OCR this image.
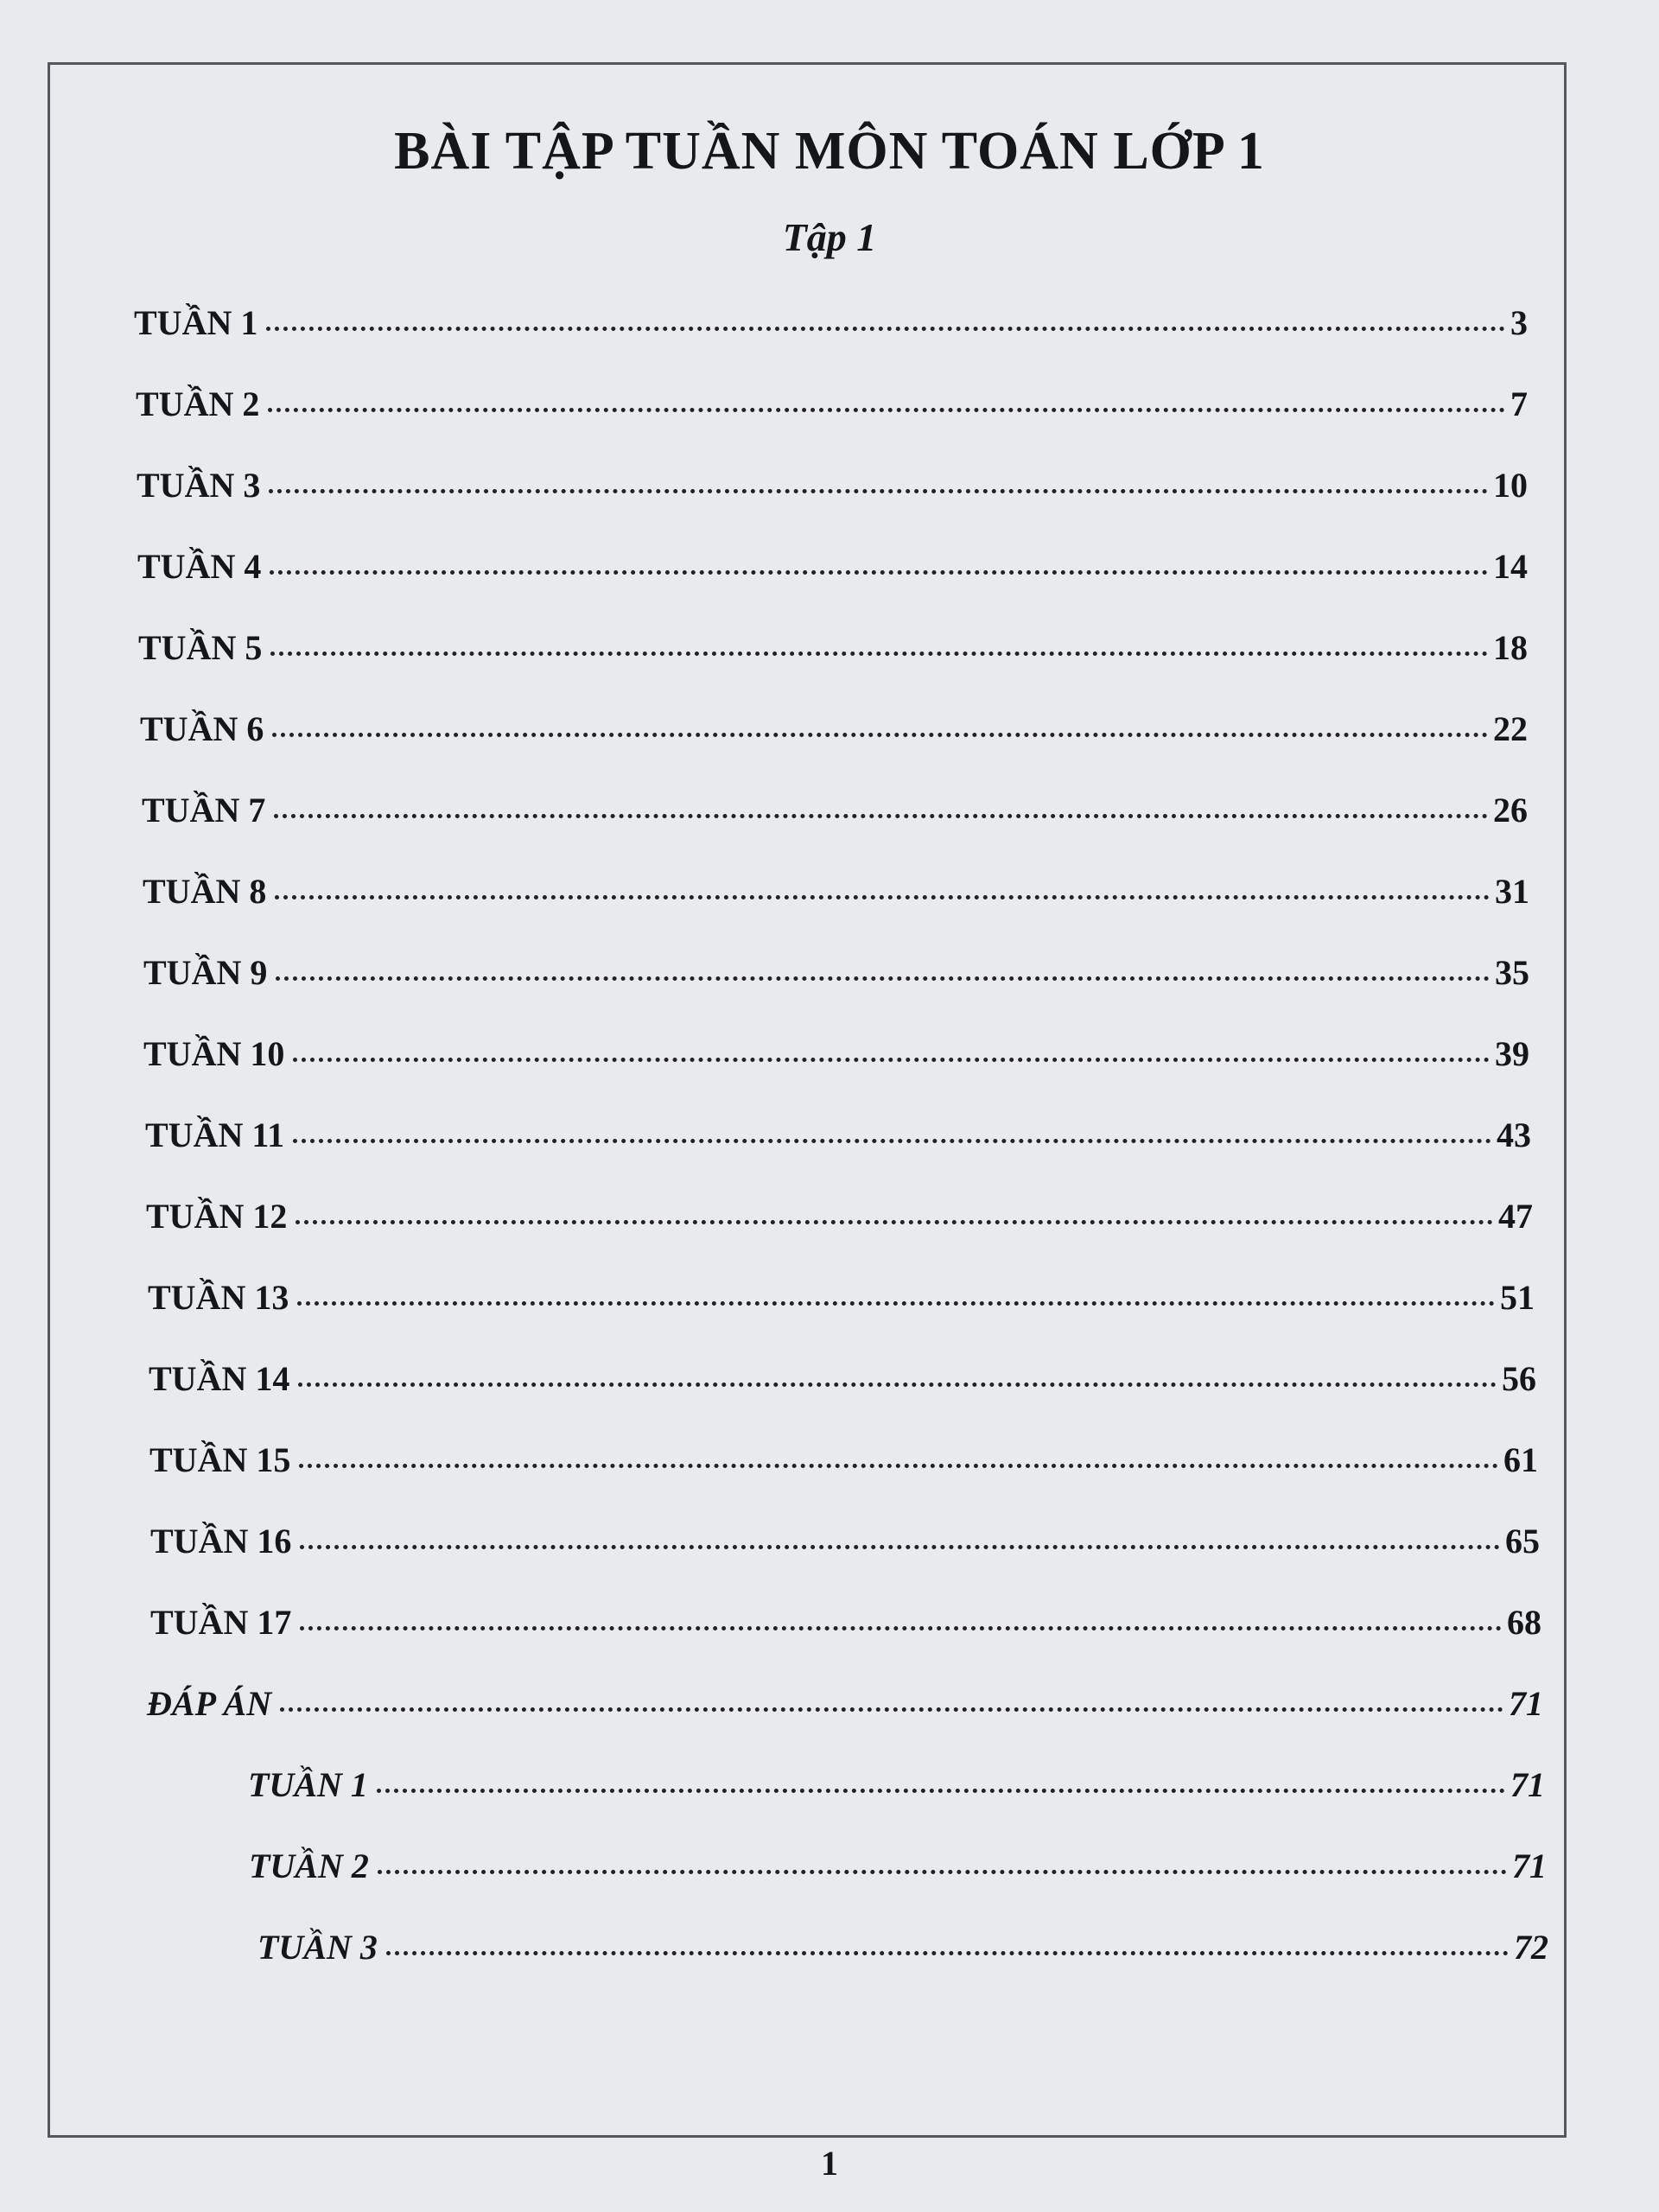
BÀI TẬP TUẦN MÔN TOÁN LỚP 1
Tập 1
TUẦN 1	3
TUẦN 2	7
TUẦN 3	10
TUẦN 4	14
TUẦN 5	18
TUẦN 6	22
TUẦN 7	26
TUẦN 8	31
TUẦN 9	35
TUẦN 10	39
TUẦN 11	43
TUẦN 12	47
TUẦN 13	51
TUẦN 14	56
TUẦN 15	61
TUẦN 16	65
TUẦN 17	68
ĐÁP ÁN	71
TUẦN 1	71
TUẦN 2	71
TUẦN 3	72
1
